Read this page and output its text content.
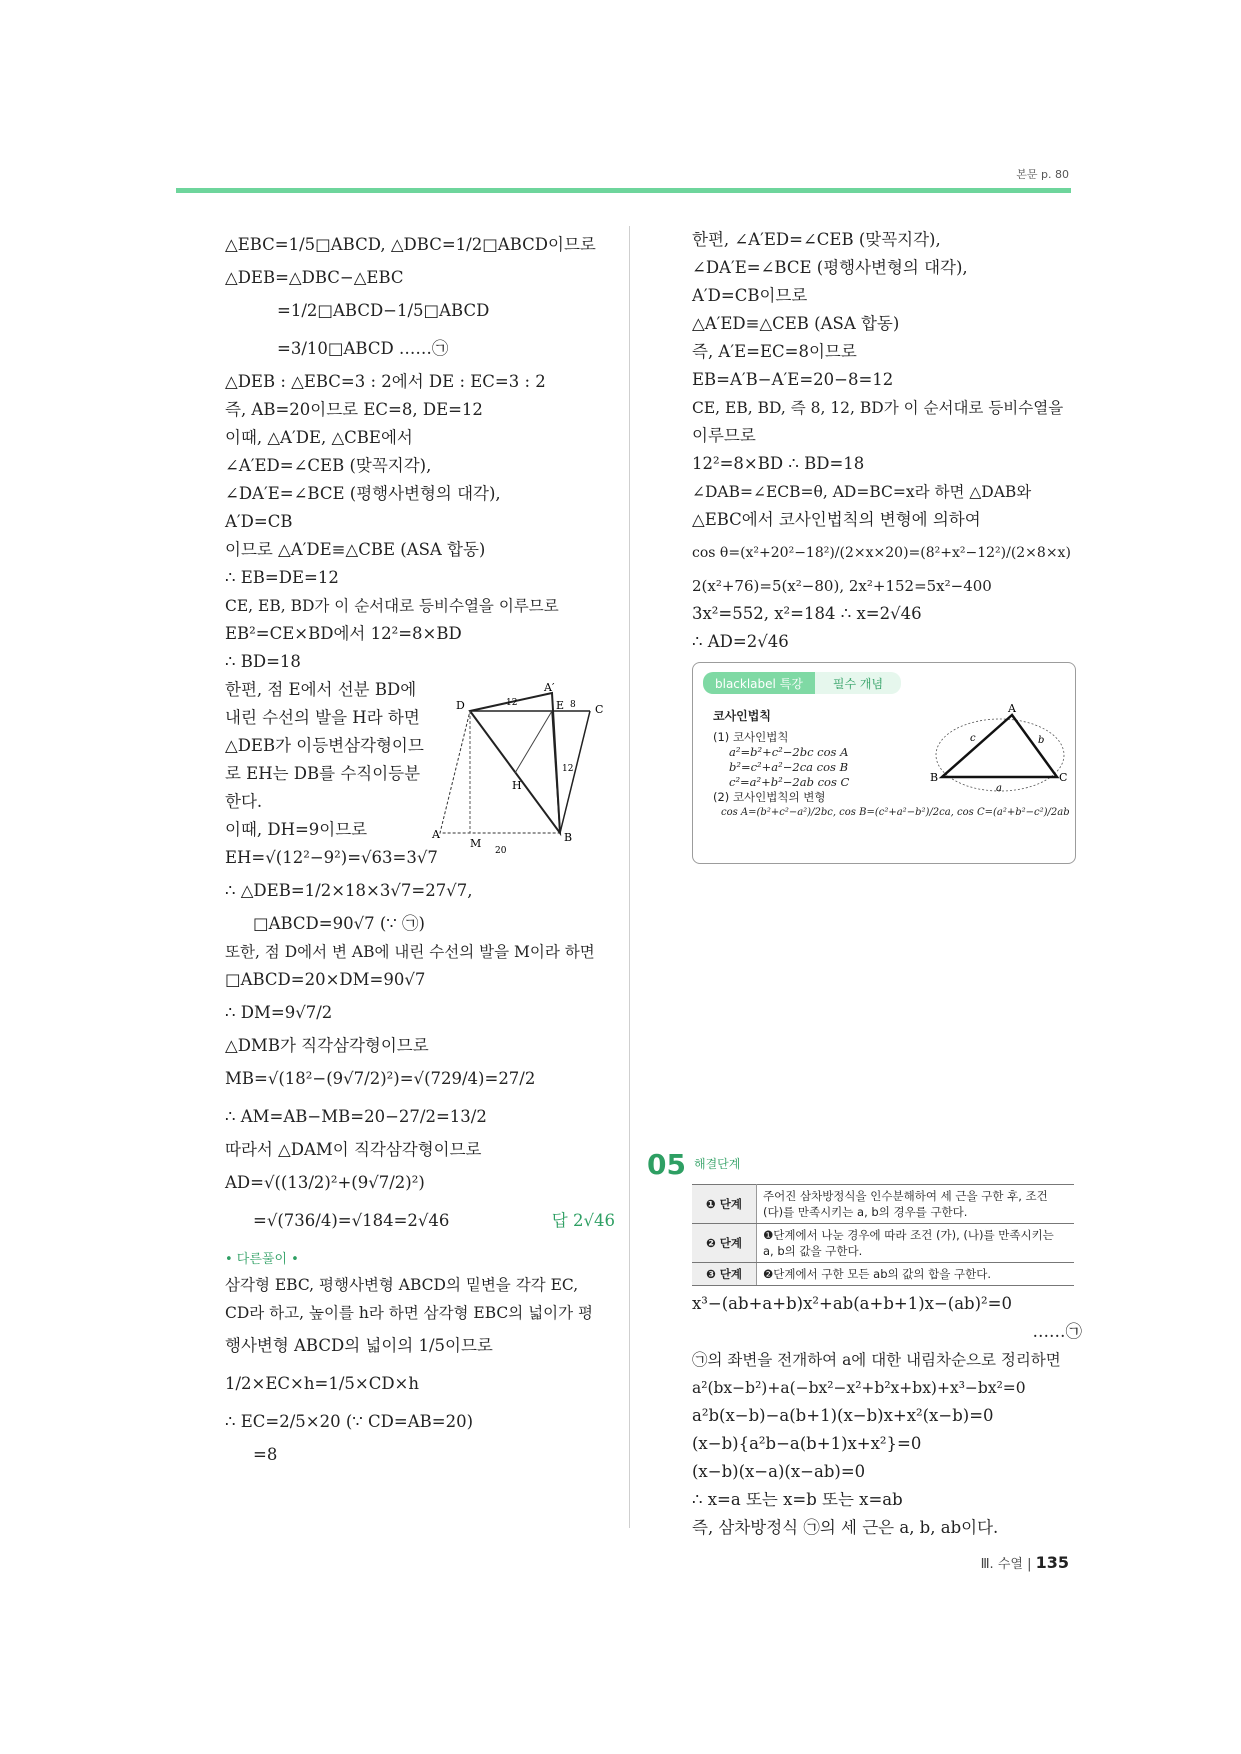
본문 p. 80
△EBC=1/5□ABCD, △DBC=1/2□ABCD이므로
△DEB=△DBC−△EBC
=1/2□ABCD−1/5□ABCD
=3/10□ABCD ……㉠
△DEB : △EBC=3 : 2에서 DE : EC=3 : 2
즉, AB=20이므로 EC=8, DE=12
이때, △A′DE, △CBE에서
∠A′ED=∠CEB (맞꼭지각),
∠DA′E=∠BCE (평행사변형의 대각),
A′D=CB
이므로 △A′DE≡△CBE (ASA 합동)
∴ EB=DE=12
CE, EB, BD가 이 순서대로 등비수열을 이루므로
EB²=CE×BD에서 12²=8×BD
∴ BD=18
한편, 점 E에서 선분 BD에
내린 수선의 발을 H라 하면
△DEB가 이등변삼각형이므
로 EH는 DB를 수직이등분
한다.
이때, DH=9이므로
EH=√(12²−9²)=√63=3√7
∴ △DEB=1/2×18×3√7=27√7,
□ABCD=90√7 (∵ ㉠)
또한, 점 D에서 변 AB에 내린 수선의 발을 M이라 하면
□ABCD=20×DM=90√7
∴ DM=9√7/2
△DMB가 직각삼각형이므로
MB=√(18²−(9√7/2)²)=√(729/4)=27/2
∴ AM=AB−MB=20−27/2=13/2
따라서 △DAM이 직각삼각형이므로
AD=√((13/2)²+(9√7/2)²)
=√(736/4)=√184=2√46	답 2√46
• 다른풀이 •
삼각형 EBC, 평행사변형 ABCD의 밑변을 각각 EC,
CD라 하고, 높이를 h라 하면 삼각형 EBC의 넓이가 평
행사변형 ABCD의 넓이의 1/5이므로
1/2×EC×h=1/5×CD×h
∴ EC=2/5×20 (∵ CD=AB=20)
=8
A′
D	E	C
H
A
M	B
12	8
12
20
한편, ∠A′ED=∠CEB (맞꼭지각),
∠DA′E=∠BCE (평행사변형의 대각),
A′D=CB이므로
△A′ED≡△CEB (ASA 합동)
즉, A′E=EC=8이므로
EB=A′B−A′E=20−8=12
CE, EB, BD, 즉 8, 12, BD가 이 순서대로 등비수열을
이루므로
12²=8×BD ∴ BD=18
∠DAB=∠ECB=θ, AD=BC=x라 하면 △DAB와
△EBC에서 코사인법칙의 변형에 의하여
cos θ=(x²+20²−18²)/(2×x×20)=(8²+x²−12²)/(2×8×x)
2(x²+76)=5(x²−80), 2x²+152=5x²−400
3x²=552, x²=184 ∴ x=2√46
∴ AD=2√46
blacklabel 특강	필수 개념
코사인법칙
(1) 코사인법칙
a²=b²+c²−2bc cos A
b²=c²+a²−2ca cos B
c²=a²+b²−2ab cos C
(2) 코사인법칙의 변형
cos A=(b²+c²−a²)/2bc, cos B=(c²+a²−b²)/2ca, cos C=(a²+b²−c²)/2ab
A
B	C
a
b
c
05 해결단계
❶ 단계	주어진 삼차방정식을 인수분해하여 세 근을 구한 후, 조건 (다)를 만족시키는 a, b의 경우를 구한다.
❷ 단계	❶단계에서 나눈 경우에 따라 조건 (가), (나)를 만족시키는 a, b의 값을 구한다.
❸ 단계	❷단계에서 구한 모든 ab의 값의 합을 구한다.
x³−(ab+a+b)x²+ab(a+b+1)x−(ab)²=0
……㉠
㉠의 좌변을 전개하여 a에 대한 내림차순으로 정리하면
a²(bx−b²)+a(−bx²−x²+b²x+bx)+x³−bx²=0
a²b(x−b)−a(b+1)(x−b)x+x²(x−b)=0
(x−b){a²b−a(b+1)x+x²}=0
(x−b)(x−a)(x−ab)=0
∴ x=a 또는 x=b 또는 x=ab
즉, 삼차방정식 ㉠의 세 근은 a, b, ab이다.
Ⅲ. 수열 | 135
